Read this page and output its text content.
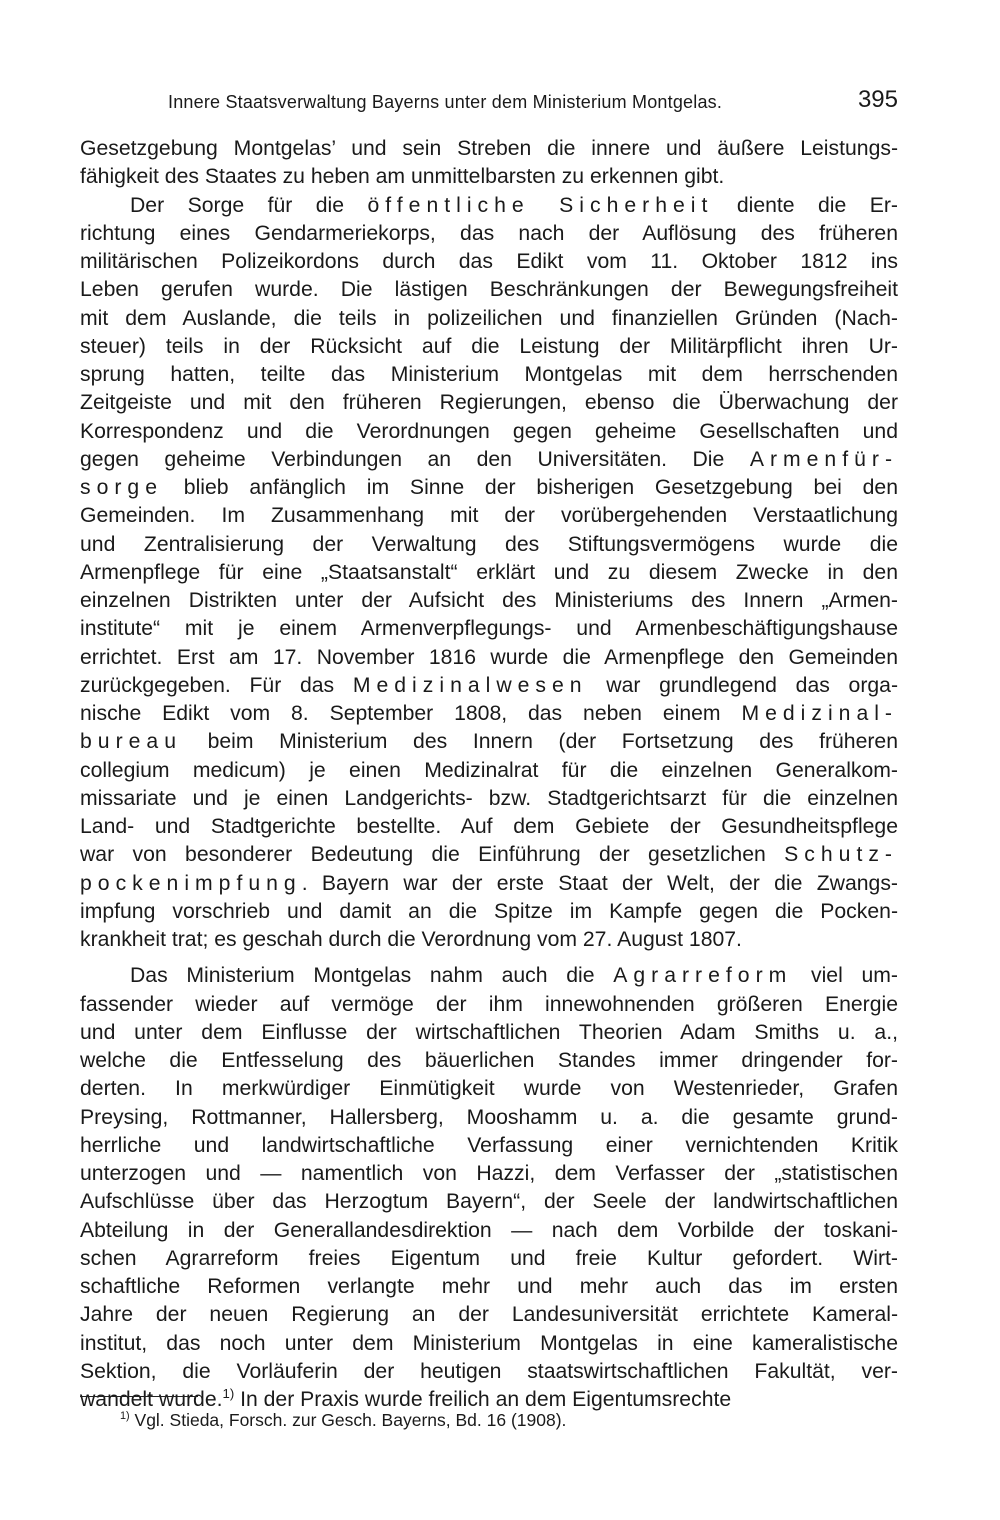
Innere Staatsverwaltung Bayerns unter dem Ministerium Montgelas.	395

Gesetzgebung Montgelas’ und sein Streben die innere und äußere Leistungs-
fähigkeit des Staates zu heben am unmittelbarsten zu erkennen gibt.

Der Sorge für die öffentliche Sicherheit diente die Er-
richtung eines Gendarmeriekorps, das nach der Auflösung des früheren
militärischen Polizeikordons durch das Edikt vom 11. Oktober 1812 ins
Leben gerufen wurde. Die lästigen Beschränkungen der Bewegungsfreiheit
mit dem Auslande, die teils in polizeilichen und finanziellen Gründen (Nach-
steuer) teils in der Rücksicht auf die Leistung der Militärpflicht ihren Ur-
sprung hatten, teilte das Ministerium Montgelas mit dem herrschenden
Zeitgeiste und mit den früheren Regierungen, ebenso die Überwachung der
Korrespondenz und die Verordnungen gegen geheime Gesellschaften und
gegen geheime Verbindungen an den Universitäten. Die Armenfür-
sorge blieb anfänglich im Sinne der bisherigen Gesetzgebung bei den
Gemeinden. Im Zusammenhang mit der vorübergehenden Verstaatlichung
und Zentralisierung der Verwaltung des Stiftungsvermögens wurde die
Armenpflege für eine „Staatsanstalt“ erklärt und zu diesem Zwecke in den
einzelnen Distrikten unter der Aufsicht des Ministeriums des Innern „Armen-
institute“ mit je einem Armenverpflegungs- und Armenbeschäftigungshause
errichtet. Erst am 17. November 1816 wurde die Armenpflege den Gemeinden
zurückgegeben. Für das Medizinalwesen war grundlegend das orga-
nische Edikt vom 8. September 1808, das neben einem Medizinal-
bureau beim Ministerium des Innern (der Fortsetzung des früheren
collegium medicum) je einen Medizinalrat für die einzelnen Generalkom-
missariate und je einen Landgerichts- bzw. Stadtgerichtsarzt für die einzelnen
Land- und Stadtgerichte bestellte. Auf dem Gebiete der Gesundheitspflege
war von besonderer Bedeutung die Einführung der gesetzlichen Schutz-
pockenimpfung. Bayern war der erste Staat der Welt, der die Zwangs-
impfung vorschrieb und damit an die Spitze im Kampfe gegen die Pocken-
krankheit trat; es geschah durch die Verordnung vom 27. August 1807.

Das Ministerium Montgelas nahm auch die Agrarreform viel um-
fassender wieder auf vermöge der ihm innewohnenden größeren Energie
und unter dem Einflusse der wirtschaftlichen Theorien Adam Smiths u. a.,
welche die Entfesselung des bäuerlichen Standes immer dringender for-
derten. In merkwürdiger Einmütigkeit wurde von Westenrieder, Grafen
Preysing, Rottmanner, Hallersberg, Mooshamm u. a. die gesamte grund-
herrliche und landwirtschaftliche Verfassung einer vernichtenden Kritik
unterzogen und — namentlich von Hazzi, dem Verfasser der „statistischen
Aufschlüsse über das Herzogtum Bayern“, der Seele der landwirtschaftlichen
Abteilung in der Generallandesdirektion — nach dem Vorbilde der toskani-
schen Agrarreform freies Eigentum und freie Kultur gefordert. Wirt-
schaftliche Reformen verlangte mehr und mehr auch das im ersten
Jahre der neuen Regierung an der Landesuniversität errichtete Kameral-
institut, das noch unter dem Ministerium Montgelas in eine kameralistische
Sektion, die Vorläuferin der heutigen staatswirtschaftlichen Fakultät, ver-
wandelt wurde.$^{1)}$ In der Praxis wurde freilich an dem Eigentumsrechte

$^{1)}$ Vgl. Stieda, Forsch. zur Gesch. Bayerns, Bd. 16 (1908).
